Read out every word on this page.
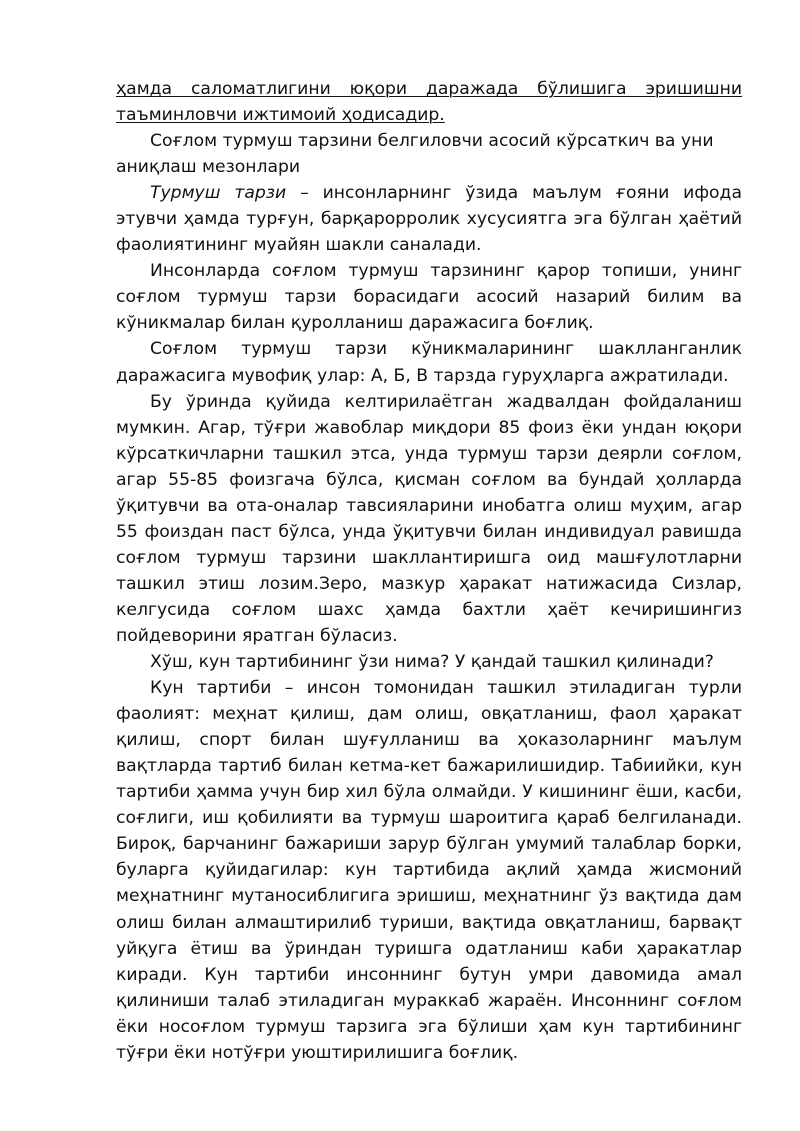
ҳамда саломатлигини юқори даражада бўлишига эришишни таъминловчи ижтимоий ҳодисадир.

Соғлом турмуш тарзини белгиловчи асосий кўрсаткич ва уни аниқлаш мезонлари

Турмуш тарзи – инсонларнинг ўзида маълум ғояни ифода этувчи ҳамда турғун, барқарорролик хусусиятга эга бўлган ҳаётий фаолиятининг муайян шакли саналади.

Инсонларда соғлом турмуш тарзининг қарор топиши, унинг соғлом турмуш тарзи борасидаги асосий назарий билим ва кўникмалар билан қуролланиш даражасига боғлиқ.

Соғлом турмуш тарзи кўникмаларининг шаклланганлик даражасига мувофиқ улар: А, Б, В тарзда гуруҳларга ажратилади.

Бу ўринда қуйида келтирилаётган жадвалдан фойдаланиш мумкин. Агар, тўғри жавоблар миқдори 85 фоиз ёки ундан юқори кўрсаткичларни ташкил этса, унда турмуш тарзи деярли соғлом, агар 55-85 фоизгача бўлса, қисман соғлом ва бундай ҳолларда ўқитувчи ва ота-оналар тавсияларини инобатга олиш муҳим, агар 55 фоиздан паст бўлса, унда ўқитувчи билан индивидуал равишда соғлом турмуш тарзини шакллантиришга оид машғулотларни ташкил этиш лозим.Зеро, мазкур ҳаракат натижасида Сизлар, келгусида соғлом шахс ҳамда бахтли ҳаёт кечиришингиз пойдеворини яратган бўласиз.

Хўш, кун тартибининг ўзи нима? У қандай ташкил қилинади?

Кун тартиби – инсон томонидан ташкил этиладиган турли фаолият: меҳнат қилиш, дам олиш, овқатланиш, фаол ҳаракат қилиш, спорт билан шуғулланиш ва ҳоказоларнинг маълум вақтларда тартиб билан кетма-кет бажарилишидир. Табиийки, кун тартиби ҳамма учун бир хил бўла олмайди. У кишининг ёши, касби, соғлиги, иш қобилияти ва турмуш шароитига қараб белгиланади. Бироқ, барчанинг бажариши зарур бўлган умумий талаблар борки, буларга қуйидагилар: кун тартибида ақлий ҳамда жисмоний меҳнатнинг мутаносиблигига эришиш, меҳнатнинг ўз вақтида дам олиш билан алмаштирилиб туриши, вақтида овқатланиш, барвақт уйқуга ётиш ва ўриндан туришга одатланиш каби ҳаракатлар киради. Кун тартиби инсоннинг бутун умри давомида амал қилиниши талаб этиладиган мураккаб жараён. Инсоннинг соғлом ёки носоғлом турмуш тарзига эга бўлиши ҳам кун тартибининг тўғри ёки нотўғри уюштирилишига боғлиқ.
